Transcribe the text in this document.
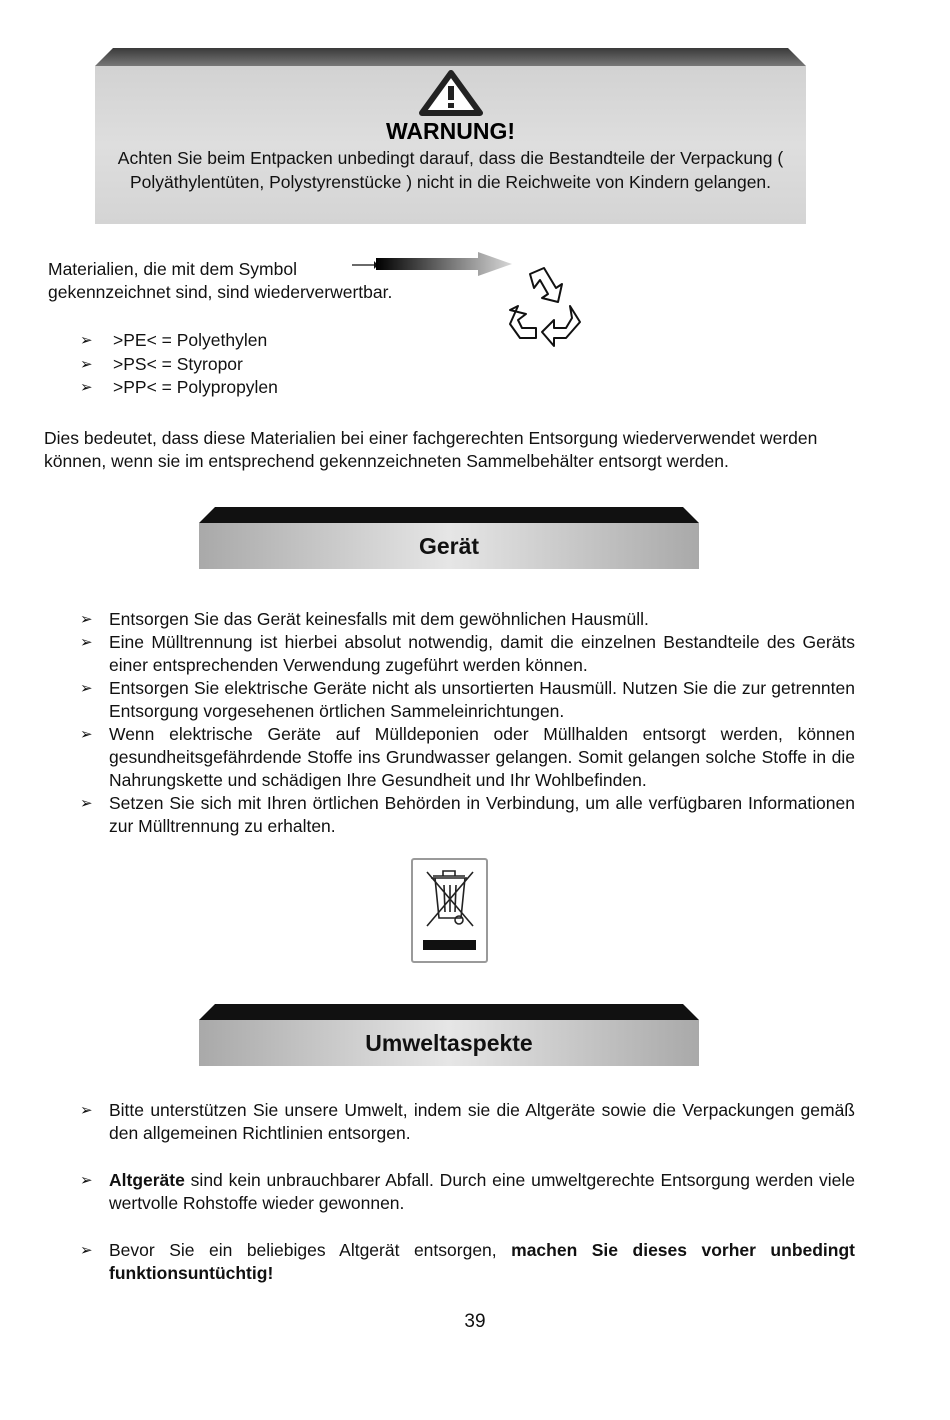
WARNUNG!
Achten Sie beim Entpacken unbedingt darauf, dass die Bestandteile der Verpackung ( Polyäthylentüten, Polystyrenstücke ) nicht in die Reichweite von Kindern gelangen.
Materialien, die mit dem Symbol
gekennzeichnet sind, sind wiederverwertbar.
➢ >PE< = Polyethylen
➢ >PS< = Styropor
➢ >PP< = Polypropylen
Dies bedeutet, dass diese Materialien bei einer fachgerechten Entsorgung wiederverwendet werden können, wenn sie im entsprechend gekennzeichneten Sammelbehälter entsorgt werden.
Gerät
➢ Entsorgen Sie das Gerät keinesfalls mit dem gewöhnlichen Hausmüll.
➢ Eine Mülltrennung ist hierbei absolut notwendig, damit die einzelnen Bestandteile des Geräts einer entsprechenden Verwendung zugeführt werden können.
➢ Entsorgen Sie elektrische Geräte nicht als unsortierten Hausmüll. Nutzen Sie die zur getrennten Entsorgung vorgesehenen örtlichen Sammeleinrichtungen.
➢ Wenn elektrische Geräte auf Mülldeponien oder Müllhalden entsorgt werden, können gesundheitsgefährdende Stoffe ins Grundwasser gelangen. Somit gelangen solche Stoffe in die Nahrungskette und schädigen Ihre Gesundheit und Ihr Wohlbefinden.
➢ Setzen Sie sich mit Ihren örtlichen Behörden in Verbindung, um alle verfügbaren Informationen zur Mülltrennung zu erhalten.
Umweltaspekte
➢ Bitte unterstützen Sie unsere Umwelt, indem sie die Altgeräte sowie die Verpackungen gemäß den allgemeinen Richtlinien entsorgen.
➢ Altgeräte sind kein unbrauchbarer Abfall. Durch eine umweltgerechte Entsorgung werden viele wertvolle Rohstoffe wieder gewonnen.
➢ Bevor Sie ein beliebiges Altgerät entsorgen, machen Sie dieses vorher unbedingt funktionsuntüchtig!
39
